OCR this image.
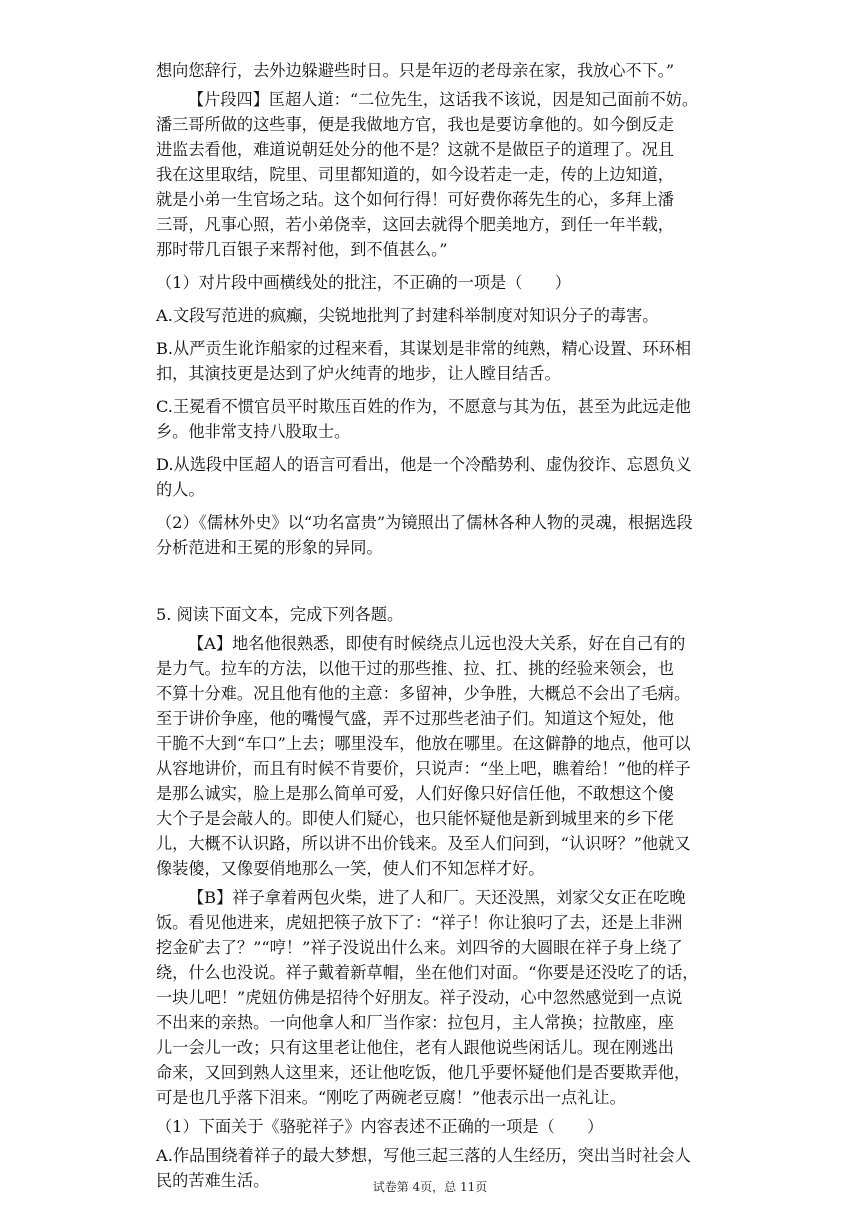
想向您辞行，去外边躲避些时日。只是年迈的老母亲在家，我放心不下。”
【片段四】匡超人道：“二位先生，这话我不该说，因是知己面前不妨。
潘三哥所做的这些事，便是我做地方官，我也是要访拿他的。如今倒反走
进监去看他，难道说朝廷处分的他不是？这就不是做臣子的道理了。况且
我在这里取结，院里、司里都知道的，如今设若走一走，传的上边知道，
就是小弟一生官场之玷。这个如何行得！可好费你蒋先生的心，多拜上潘
三哥，凡事心照，若小弟侥幸，这回去就得个肥美地方，到任一年半载，
那时带几百银子来帮衬他，到不值甚么。”
（1）对片段中画横线处的批注，不正确的一项是（　　）
A.文段写范进的疯癫，尖锐地批判了封建科举制度对知识分子的毒害。
B.从严贡生讹诈船家的过程来看，其谋划是非常的纯熟，精心设置、环环相
扣，其演技更是达到了炉火纯青的地步，让人瞠目结舌。
C.王冕看不惯官员平时欺压百姓的作为，不愿意与其为伍，甚至为此远走他
乡。他非常支持八股取士。
D.从选段中匡超人的语言可看出，他是一个冷酷势利、虚伪狡诈、忘恩负义
的人。
（2）《儒林外史》以“功名富贵”为镜照出了儒林各种人物的灵魂，根据选段
分析范进和王冕的形象的异同。
5. 阅读下面文本，完成下列各题。
【A】地名他很熟悉，即使有时候绕点儿远也没大关系，好在自己有的
是力气。拉车的方法，以他干过的那些推、拉、扛、挑的经验来领会，也
不算十分难。况且他有他的主意：多留神，少争胜，大概总不会出了毛病。
至于讲价争座，他的嘴慢气盛，弄不过那些老油子们。知道这个短处，他
干脆不大到“车口”上去；哪里没车，他放在哪里。在这僻静的地点，他可以
从容地讲价，而且有时候不肯要价，只说声：“坐上吧，瞧着给！”他的样子
是那么诚实，脸上是那么简单可爱，人们好像只好信任他，不敢想这个傻
大个子是会敲人的。即使人们疑心，也只能怀疑他是新到城里来的乡下佬
儿，大概不认识路，所以讲不出价钱来。及至人们问到，“认识呀？”他就又
像装傻，又像耍俏地那么一笑，使人们不知怎样才好。
【B】祥子拿着两包火柴，进了人和厂。天还没黑，刘家父女正在吃晚
饭。看见他进来，虎妞把筷子放下了：“祥子！你让狼叼了去，还是上非洲
挖金矿去了？”“哼！”祥子没说出什么来。刘四爷的大圆眼在祥子身上绕了
绕，什么也没说。祥子戴着新草帽，坐在他们对面。“你要是还没吃了的话，
一块儿吧！”虎妞仿佛是招待个好朋友。祥子没动，心中忽然感觉到一点说
不出来的亲热。一向他拿人和厂当作家：拉包月，主人常换；拉散座，座
儿一会儿一改；只有这里老让他住，老有人跟他说些闲话儿。现在刚逃出
命来，又回到熟人这里来，还让他吃饭，他几乎要怀疑他们是否要欺弄他，
可是也几乎落下泪来。“刚吃了两碗老豆腐！”他表示出一点礼让。
（1）下面关于《骆驼祥子》内容表述不正确的一项是（　　）
A.作品围绕着祥子的最大梦想，写他三起三落的人生经历，突出当时社会人
民的苦难生活。	试卷第 4页，总 11页
